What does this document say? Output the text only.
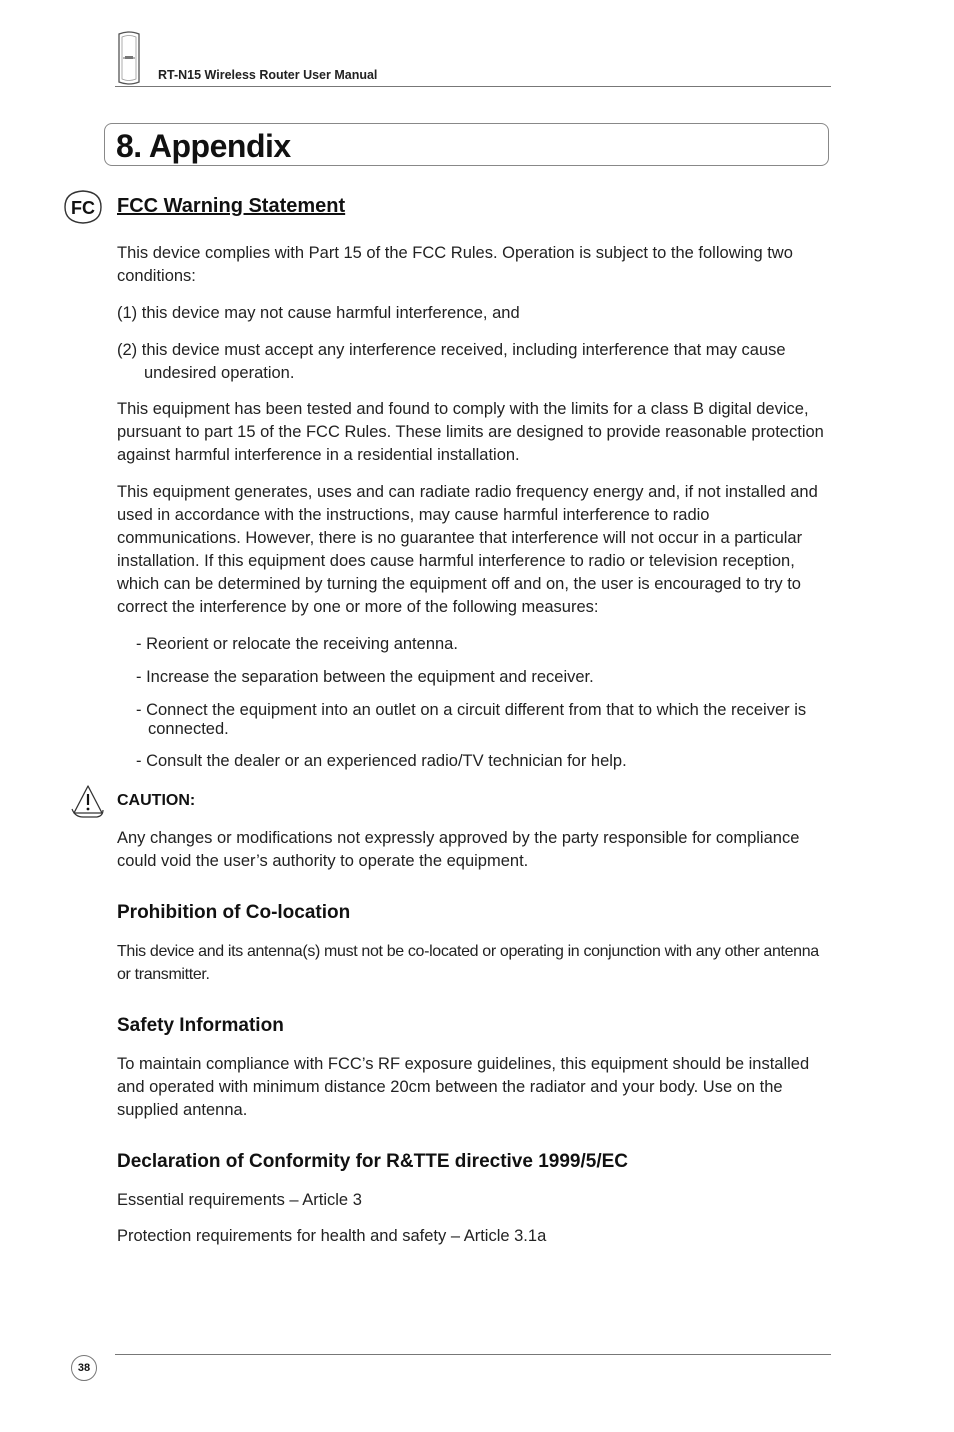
RT-N15 Wireless Router User Manual
8. Appendix
FC FCC Warning Statement

This device complies with Part 15 of the FCC Rules. Operation is subject to the following two conditions:

(1) this device may not cause harmful interference, and
(2) this device must accept any interference received, including interference that may cause undesired operation.

This equipment has been tested and found to comply with the limits for a class B digital device, pursuant to part 15 of the FCC Rules. These limits are designed to provide reasonable protection against harmful interference in a residential installation.

This equipment generates, uses and can radiate radio frequency energy and, if not installed and used in accordance with the instructions, may cause harmful interference to radio communications. However, there is no guarantee that interference will not occur in a particular installation. If this equipment does cause harmful interference to radio or television reception, which can be determined by turning the equipment off and on, the user is encouraged to try to correct the interference by one or more of the following measures:

- Reorient or relocate the receiving antenna.
- Increase the separation between the equipment and receiver.
- Connect the equipment into an outlet on a circuit different from that to which the receiver is connected.
- Consult the dealer or an experienced radio/TV technician for help.
CAUTION:

Any changes or modifications not expressly approved by the party responsible for compliance could void the user’s authority to operate the equipment.

Prohibition of Co-location

This device and its antenna(s) must not be co-located or operating in conjunction with any other antenna or transmitter.

Safety Information

To maintain compliance with FCC’s RF exposure guidelines, this equipment should be installed and operated with minimum distance 20cm between the radiator and your body. Use on the supplied antenna.

Declaration of Conformity for R&TTE directive 1999/5/EC

Essential requirements – Article 3

Protection requirements for health and safety – Article 3.1a

38
